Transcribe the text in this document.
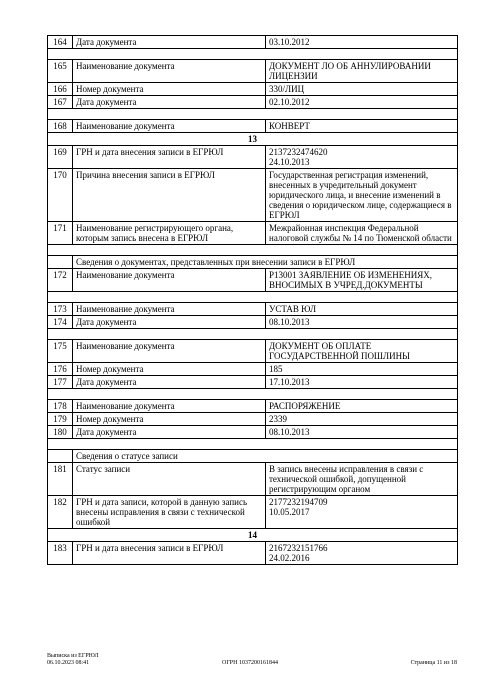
164	Дата документа	03.10.2012

165	Наименование документа	ДОКУМЕНТ ЛО ОБ АННУЛИРОВАНИИ ЛИЦЕНЗИИ
166	Номер документа	330/ЛИЦ
167	Дата документа	02.10.2012

168	Наименование документа	КОНВЕРТ
13		
169	ГРН и дата внесения записи в ЕГРЮЛ	2137232474620
24.10.2013
170	Причина внесения записи в ЕГРЮЛ	Государственная регистрация изменений, внесенных в учредительный документ юридического лица, и внесение изменений в сведения о юридическом лице, содержащиеся в ЕГРЮЛ
171	Наименование регистрирующего органа, которым запись внесена в ЕГРЮЛ	Межрайонная инспекция Федеральной налоговой службы № 14 по Тюменской области

	Сведения о документах, представленных при внесении записи в ЕГРЮЛ	
172	Наименование документа	Р13001 ЗАЯВЛЕНИЕ ОБ ИЗМЕНЕНИЯХ, ВНОСИМЫХ В УЧРЕД.ДОКУМЕНТЫ

173	Наименование документа	УСТАВ ЮЛ
174	Дата документа	08.10.2013

175	Наименование документа	ДОКУМЕНТ ОБ ОПЛАТЕ ГОСУДАРСТВЕННОЙ ПОШЛИНЫ
176	Номер документа	185
177	Дата документа	17.10.2013

178	Наименование документа	РАСПОРЯЖЕНИЕ
179	Номер документа	2339
180	Дата документа	08.10.2013

	Сведения о статусе записи	
181	Статус записи	В запись внесены исправления в связи с технической ошибкой, допущенной регистрирующим органом
182	ГРН и дата записи, которой в данную запись внесены исправления в связи с технической ошибкой	2177232194709
10.05.2017
14		
183	ГРН и дата внесения записи в ЕГРЮЛ	2167232151766
24.02.2016
Выписка из ЕГРЮЛ
06.10.2023 08:41	ОГРН 1037200161844	Страница 11 из 18
